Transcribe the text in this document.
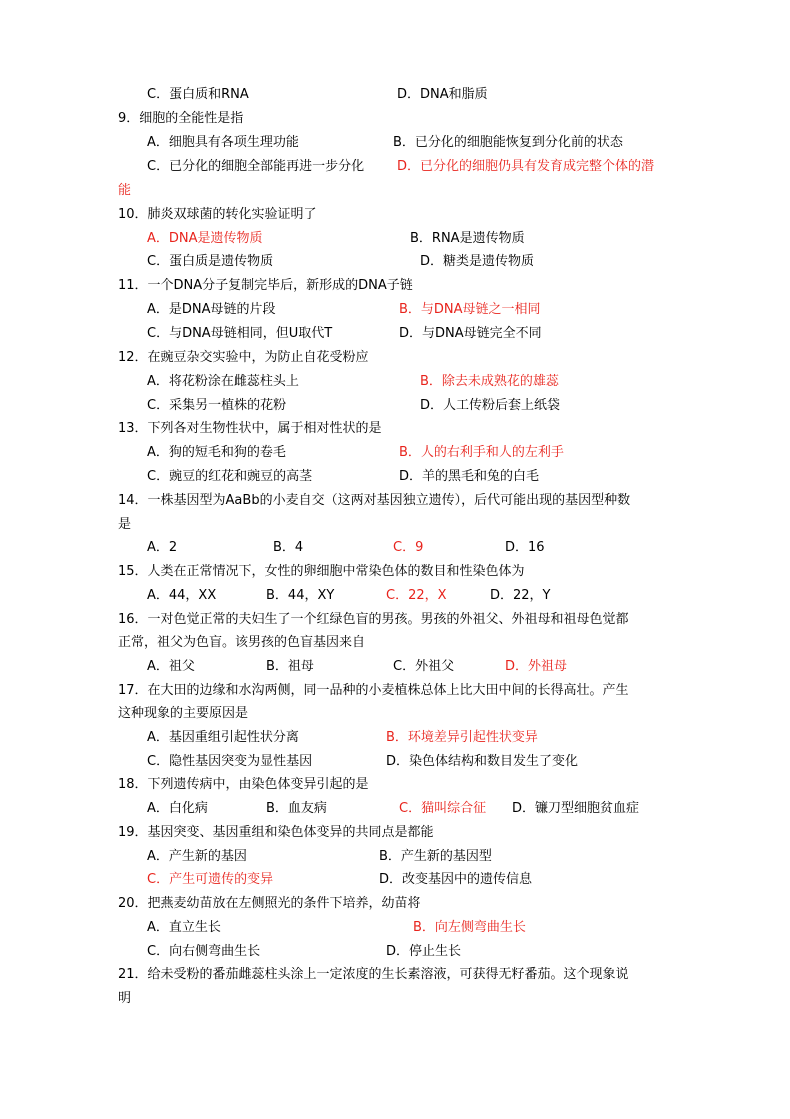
C．蛋白质和RNA	D．DNA和脂质
9．细胞的全能性是指
A．细胞具有各项生理功能	B．已分化的细胞能恢复到分化前的状态
C．已分化的细胞全部能再进一步分化	D．已分化的细胞仍具有发育成完整个体的潜
能
10．肺炎双球菌的转化实验证明了
A．DNA是遗传物质	B．RNA是遗传物质
C．蛋白质是遗传物质	D．糖类是遗传物质
11．一个DNA分子复制完毕后，新形成的DNA子链
A．是DNA母链的片段	B．与DNA母链之一相同
C．与DNA母链相同，但U取代T	D．与DNA母链完全不同
12．在豌豆杂交实验中，为防止自花受粉应
A．将花粉涂在雌蕊柱头上	B．除去未成熟花的雄蕊
C．采集另一植株的花粉	D．人工传粉后套上纸袋
13．下列各对生物性状中，属于相对性状的是
A．狗的短毛和狗的卷毛	B．人的右利手和人的左利手
C．豌豆的红花和豌豆的高茎	D．羊的黑毛和兔的白毛
14．一株基因型为AaBb的小麦自交（这两对基因独立遗传），后代可能出现的基因型种数
是
A．2	B．4	C．9	D．16
15．人类在正常情况下，女性的卵细胞中常染色体的数目和性染色体为
A．44，XX	B．44，XY	C．22，X	D．22，Y
16．一对色觉正常的夫妇生了一个红绿色盲的男孩。男孩的外祖父、外祖母和祖母色觉都
正常，祖父为色盲。该男孩的色盲基因来自
A．祖父	B．祖母	C．外祖父	D．外祖母
17．在大田的边缘和水沟两侧，同一品种的小麦植株总体上比大田中间的长得高壮。产生
这种现象的主要原因是
A．基因重组引起性状分离	B．环境差异引起性状变异
C．隐性基因突变为显性基因	D．染色体结构和数目发生了变化
18．下列遗传病中，由染色体变异引起的是
A．白化病	B．血友病	C．猫叫综合征 D．镰刀型细胞贫血症
19．基因突变、基因重组和染色体变异的共同点是都能
A．产生新的基因	B．产生新的基因型
C．产生可遗传的变异	D．改变基因中的遗传信息
20．把燕麦幼苗放在左侧照光的条件下培养，幼苗将
A．直立生长	B．向左侧弯曲生长
C．向右侧弯曲生长	D．停止生长
21．给未受粉的番茄雌蕊柱头涂上一定浓度的生长素溶液，可获得无籽番茄。这个现象说
明
